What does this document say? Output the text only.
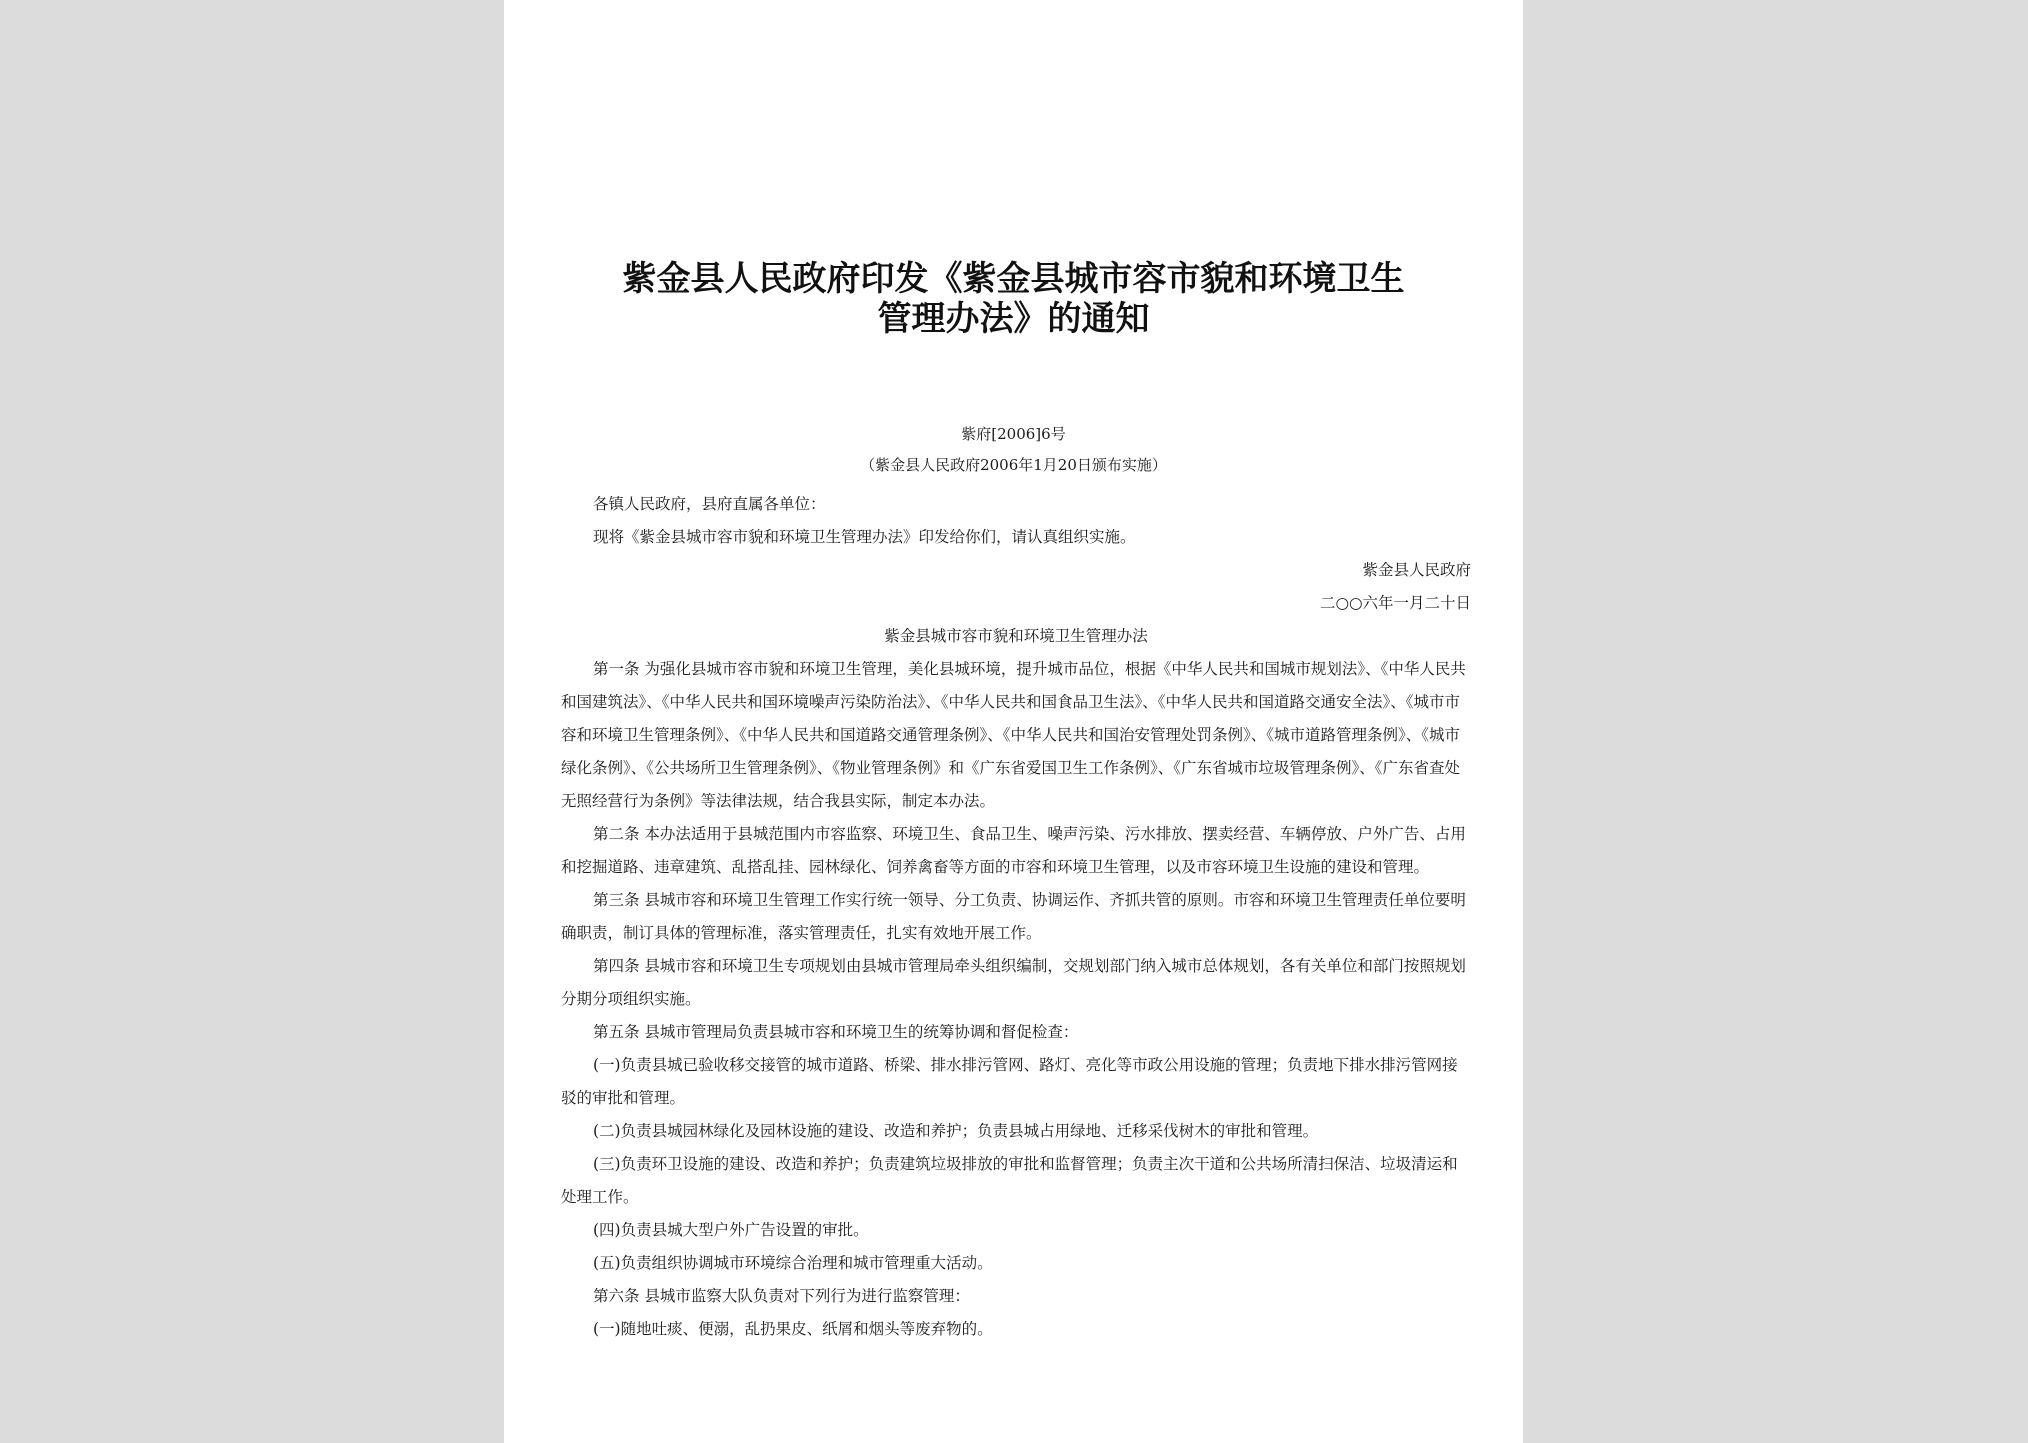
紫金县人民政府印发《紫金县城市容市貌和环境卫生
管理办法》的通知
紫府[2006]6号
（紫金县人民政府2006年1月20日颁布实施）

各镇人民政府，县府直属各单位：

现将《紫金县城市容市貌和环境卫生管理办法》印发给你们，请认真组织实施。

紫金县人民政府

二○○六年一月二十日

紫金县城市容市貌和环境卫生管理办法

第一条 为强化县城市容市貌和环境卫生管理，美化县城环境，提升城市品位，根据《中华人民共和国城市规划法》、《中华人民共和国建筑法》、《中华人民共和国环境噪声污染防治法》、《中华人民共和国食品卫生法》、《中华人民共和国道路交通安全法》、《城市市容和环境卫生管理条例》、《中华人民共和国道路交通管理条例》、《中华人民共和国治安管理处罚条例》、《城市道路管理条例》、《城市绿化条例》、《公共场所卫生管理条例》、《物业管理条例》和《广东省爱国卫生工作条例》、《广东省城市垃圾管理条例》、《广东省查处无照经营行为条例》等法律法规，结合我县实际，制定本办法。

第二条 本办法适用于县城范围内市容监察、环境卫生、食品卫生、噪声污染、污水排放、摆卖经营、车辆停放、户外广告、占用和挖掘道路、违章建筑、乱搭乱挂、园林绿化、饲养禽畜等方面的市容和环境卫生管理，以及市容环境卫生设施的建设和管理。

第三条 县城市容和环境卫生管理工作实行统一领导、分工负责、协调运作、齐抓共管的原则。市容和环境卫生管理责任单位要明确职责，制订具体的管理标准，落实管理责任，扎实有效地开展工作。

第四条 县城市容和环境卫生专项规划由县城市管理局牵头组织编制，交规划部门纳入城市总体规划，各有关单位和部门按照规划分期分项组织实施。

第五条 县城市管理局负责县城市容和环境卫生的统筹协调和督促检查：

(一)负责县城已验收移交接管的城市道路、桥梁、排水排污管网、路灯、亮化等市政公用设施的管理；负责地下排水排污管网接驳的审批和管理。

(二)负责县城园林绿化及园林设施的建设、改造和养护；负责县城占用绿地、迁移采伐树木的审批和管理。

(三)负责环卫设施的建设、改造和养护；负责建筑垃圾排放的审批和监督管理；负责主次干道和公共场所清扫保洁、垃圾清运和处理工作。

(四)负责县城大型户外广告设置的审批。

(五)负责组织协调城市环境综合治理和城市管理重大活动。

第六条 县城市监察大队负责对下列行为进行监察管理：

(一)随地吐痰、便溺，乱扔果皮、纸屑和烟头等废弃物的。
